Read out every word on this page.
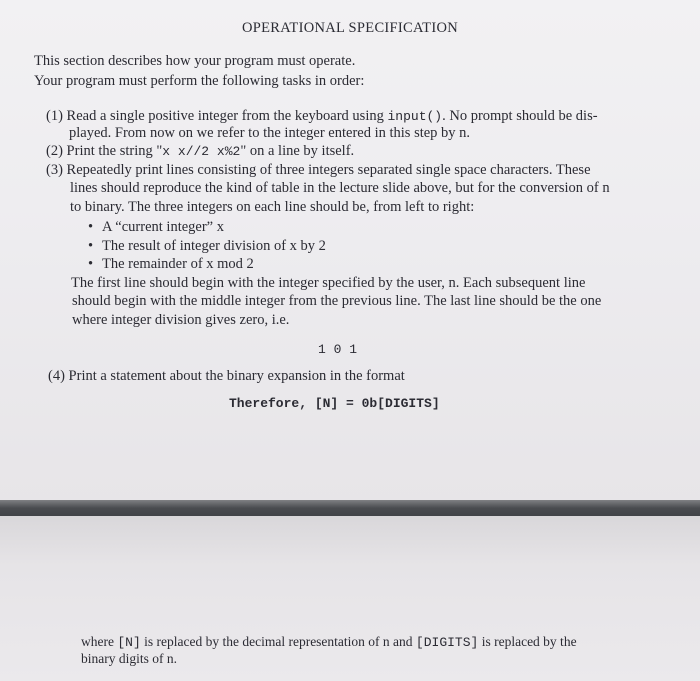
OPERATIONAL SPECIFICATION
This section describes how your program must operate.
Your program must perform the following tasks in order:
(1) Read a single positive integer from the keyboard using input(). No prompt should be dis-
played. From now on we refer to the integer entered in this step by n.
(2) Print the string "x x//2 x%2" on a line by itself.
(3) Repeatedly print lines consisting of three integers separated single space characters. These
lines should reproduce the kind of table in the lecture slide above, but for the conversion of n
to binary. The three integers on each line should be, from left to right:
• A “current integer” x
• The result of integer division of x by 2
• The remainder of x mod 2
The first line should begin with the integer specified by the user, n. Each subsequent line
should begin with the middle integer from the previous line. The last line should be the one
where integer division gives zero, i.e.
1 0 1
(4) Print a statement about the binary expansion in the format
Therefore, [N] = 0b[DIGITS]
where [N] is replaced by the decimal representation of n and [DIGITS] is replaced by the
binary digits of n.
